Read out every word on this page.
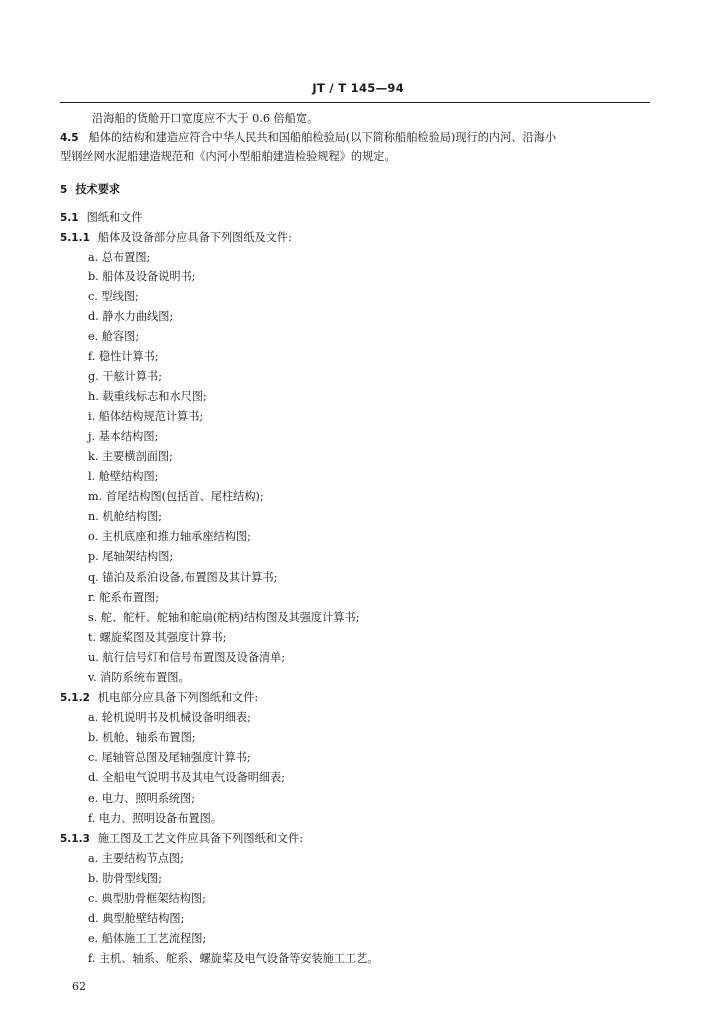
JT / T 145—94
沿海船的货舱开口宽度应不大于 0.6 倍船宽。
4.5 船体的结构和建造应符合中华人民共和国船舶检验局(以下简称船舶检验局)现行的内河、沿海小
型钢丝网水泥船建造规范和《内河小型船舶建造检验规程》的规定。
5 技术要求
5.1 图纸和文件
5.1.1 船体及设备部分应具备下列图纸及文件:
a. 总布置图;
b. 船体及设备说明书;
c. 型线图;
d. 静水力曲线图;
e. 舱容图;
f. 稳性计算书;
g. 干舷计算书;
h. 载重线标志和水尺图;
i. 船体结构规范计算书;
j. 基本结构图;
k. 主要横剖面图;
l. 舱壁结构图;
m. 首尾结构图(包括首、尾柱结构);
n. 机舱结构图;
o. 主机底座和推力轴承座结构图;
p. 尾轴架结构图;
q. 锚泊及系泊设备,布置图及其计算书;
r. 舵系布置图;
s. 舵、舵杆、舵轴和舵扇(舵柄)结构图及其强度计算书;
t. 螺旋桨图及其强度计算书;
u. 航行信号灯和信号布置图及设备清单;
v. 消防系统布置图。
5.1.2 机电部分应具备下列图纸和文件:
a. 轮机说明书及机械设备明细表;
b. 机舱、轴系布置图;
c. 尾轴管总图及尾轴强度计算书;
d. 全船电气说明书及其电气设备明细表;
e. 电力、照明系统图;
f. 电力、照明设备布置图。
5.1.3 施工图及工艺文件应具备下列图纸和文件:
a. 主要结构节点图;
b. 肋骨型线图;
c. 典型肋骨框架结构图;
d. 典型舱壁结构图;
e. 船体施工工艺流程图;
f. 主机、轴系、舵系、螺旋桨及电气设备等安装施工工艺。
62
